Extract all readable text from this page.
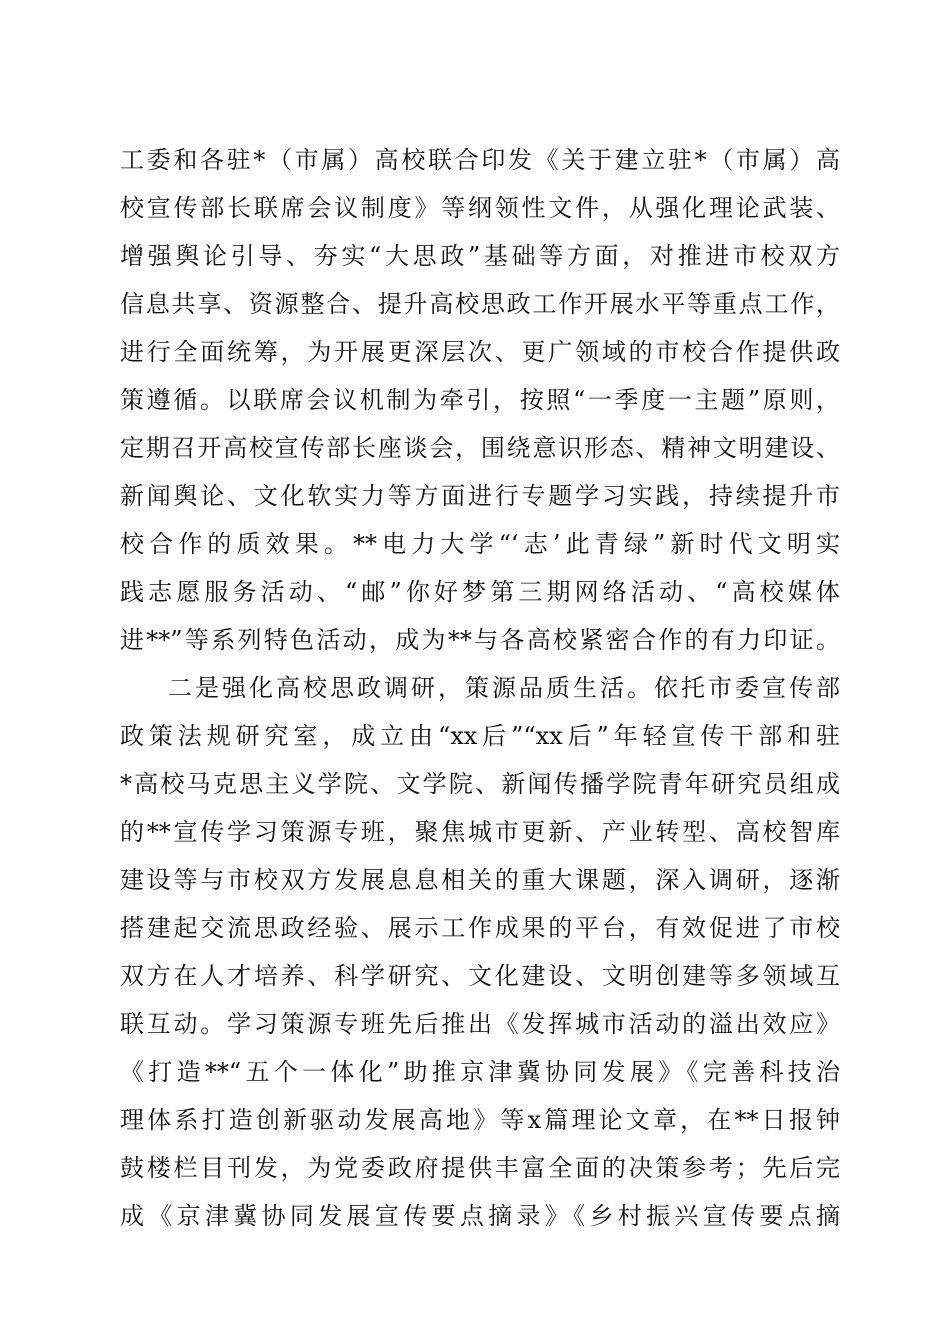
工委和各驻*（市属）高校联合印发《关于建立驻*（市属）高
校宣传部长联席会议制度》等纲领性文件，从强化理论武装、
增强舆论引导、夯实“大思政”基础等方面，对推进市校双方
信息共享、资源整合、提升高校思政工作开展水平等重点工作，
进行全面统筹，为开展更深层次、更广领域的市校合作提供政
策遵循。以联席会议机制为牵引，按照“一季度一主题”原则，
定期召开高校宣传部长座谈会，围绕意识形态、精神文明建设、
新闻舆论、文化软实力等方面进行专题学习实践，持续提升市
校合作的质效果。**电力大学“‘志’此青绿”新时代文明实
践志愿服务活动、“邮”你好梦第三期网络活动、“高校媒体
进**”等系列特色活动，成为**与各高校紧密合作的有力印证。
二是强化高校思政调研，策源品质生活。依托市委宣传部
政策法规研究室，成立由“xx后”“xx后”年轻宣传干部和驻
*高校马克思主义学院、文学院、新闻传播学院青年研究员组成
的**宣传学习策源专班，聚焦城市更新、产业转型、高校智库
建设等与市校双方发展息息相关的重大课题，深入调研，逐渐
搭建起交流思政经验、展示工作成果的平台，有效促进了市校
双方在人才培养、科学研究、文化建设、文明创建等多领域互
联互动。学习策源专班先后推出《发挥城市活动的溢出效应》
《打造**“五个一体化”助推京津冀协同发展》《完善科技治
理体系打造创新驱动发展高地》等x篇理论文章，在**日报钟
鼓楼栏目刊发，为党委政府提供丰富全面的决策参考；先后完
成《京津冀协同发展宣传要点摘录》《乡村振兴宣传要点摘
